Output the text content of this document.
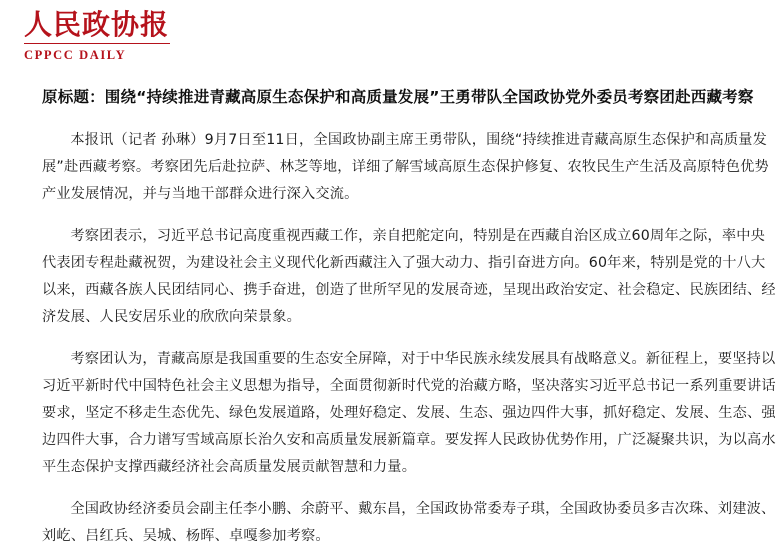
人民政协报
CPPCC DAILY
原标题：围绕“持续推进青藏高原生态保护和高质量发展”王勇带队全国政协党外委员考察团赴西藏考察

本报讯（记者 孙琳）9月7日至11日，全国政协副主席王勇带队，围绕“持续推进青藏高原生态保护和高质量发展”赴西藏考察。考察团先后赴拉萨、林芝等地，详细了解雪域高原生态保护修复、农牧民生产生活及高原特色优势产业发展情况，并与当地干部群众进行深入交流。

考察团表示，习近平总书记高度重视西藏工作，亲自把舵定向，特别是在西藏自治区成立60周年之际，率中央代表团专程赴藏祝贺，为建设社会主义现代化新西藏注入了强大动力、指引奋进方向。60年来，特别是党的十八大以来，西藏各族人民团结同心、携手奋进，创造了世所罕见的发展奇迹，呈现出政治安定、社会稳定、民族团结、经济发展、人民安居乐业的欣欣向荣景象。

考察团认为，青藏高原是我国重要的生态安全屏障，对于中华民族永续发展具有战略意义。新征程上，要坚持以习近平新时代中国特色社会主义思想为指导，全面贯彻新时代党的治藏方略，坚决落实习近平总书记一系列重要讲话要求，坚定不移走生态优先、绿色发展道路，处理好稳定、发展、生态、强边四件大事，抓好稳定、发展、生态、强边四件大事，合力谱写雪域高原长治久安和高质量发展新篇章。要发挥人民政协优势作用，广泛凝聚共识，为以高水平生态保护支撑西藏经济社会高质量发展贡献智慧和力量。

全国政协经济委员会副主任李小鹏、余蔚平、戴东昌，全国政协常委寿子琪，全国政协委员多吉次珠、刘建波、刘屹、吕红兵、吴城、杨晖、卓嘎参加考察。
